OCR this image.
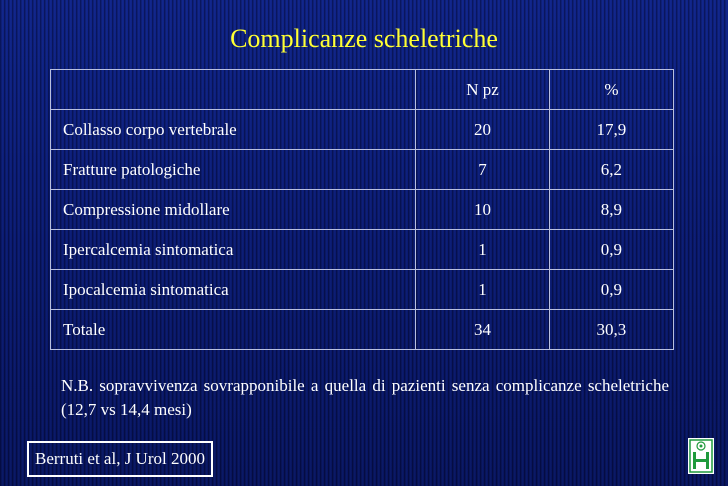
Complicanze scheletriche
	N pz	%
Collasso corpo vertebrale	20	17,9
Fratture patologiche	7	6,2
Compressione midollare	10	8,9
Ipercalcemia sintomatica	1	0,9
Ipocalcemia sintomatica	1	0,9
Totale	34	30,3
N.B. sopravvivenza sovrapponibile a quella di pazienti senza complicanze scheletriche (12,7 vs 14,4 mesi)
Berruti et al, J Urol 2000
